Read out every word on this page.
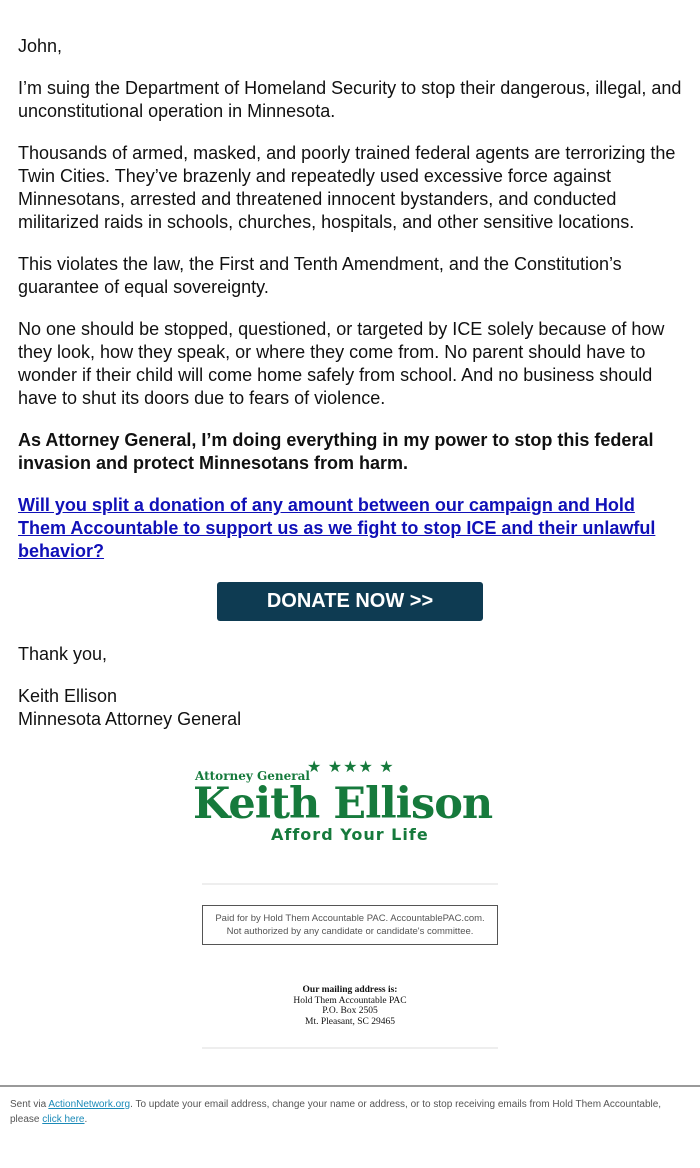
John,

I’m suing the Department of Homeland Security to stop their dangerous, illegal, and unconstitutional operation in Minnesota.

Thousands of armed, masked, and poorly trained federal agents are terrorizing the Twin Cities. They’ve brazenly and repeatedly used excessive force against Minnesotans, arrested and threatened innocent bystanders, and conducted militarized raids in schools, churches, hospitals, and other sensitive locations.

This violates the law, the First and Tenth Amendment, and the Constitution’s guarantee of equal sovereignty.

No one should be stopped, questioned, or targeted by ICE solely because of how they look, how they speak, or where they come from. No parent should have to wonder if their child will come home safely from school. And no business should have to shut its doors due to fears of violence.

As Attorney General, I’m doing everything in my power to stop this federal invasion and protect Minnesotans from harm.

Will you split a donation of any amount between our campaign and Hold Them Accountable to support us as we fight to stop ICE and their unlawful behavior?

DONATE NOW >>

Thank you,

Keith Ellison
Minnesota Attorney General

Attorney General
★ ★★★ ★
Keith Ellison
Afford Your Life
Paid for by Hold Them Accountable PAC. AccountablePAC.com. Not authorized by any candidate or candidate's committee.
Our mailing address is:
Hold Them Accountable PAC
P.O. Box 2505
Mt. Pleasant, SC 29465
Sent via ActionNetwork.org. To update your email address, change your name or address, or to stop receiving emails from Hold Them Accountable, please click here.
